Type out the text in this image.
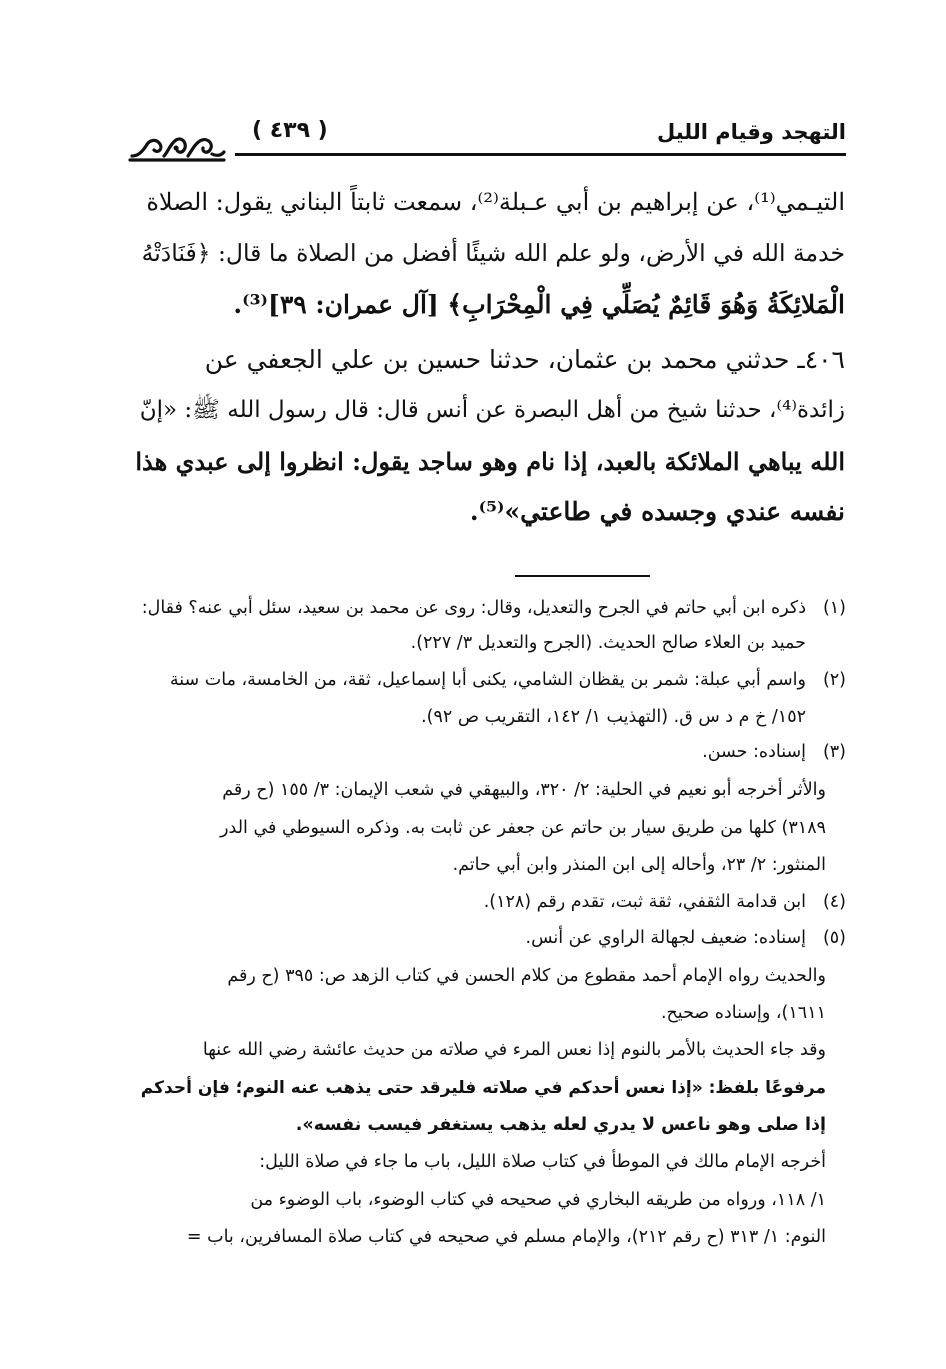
التهجد وقيام الليل
( ٤٣٩ )
التيـمي⁽¹⁾، عن إبراهيم بن أبي عـبلة⁽²⁾، سمعت ثابتاً البناني يقول: الصلاة
خدمة الله في الأرض، ولو علم الله شيئًا أفضل من الصلاة ما قال: ﴿فَنَادَتْهُ
الْمَلائِكَةُ وَهُوَ قَائِمٌ يُصَلِّي فِي الْمِحْرَابِ﴾ [آل عمران: ٣٩]⁽³⁾.
٤٠٦ـ حدثني محمد بن عثمان، حدثنا حسين بن علي الجعفي عن
زائدة⁽⁴⁾، حدثنا شيخ من أهل البصرة عن أنس قال: قال رسول الله ﷺ: «إنّ
الله يباهي الملائكة بالعبد، إذا نام وهو ساجد يقول: انظروا إلى عبدي هذا
نفسه عندي وجسده في طاعتي»⁽⁵⁾.
(١)
ذكره ابن أبي حاتم في الجرح والتعديل، وقال: روى عن محمد بن سعيد، سئل أبي عنه؟ فقال:
حميد بن العلاء صالح الحديث. (الجرح والتعديل ٣/ ٢٢٧).
(٢)
واسم أبي عبلة: شمر بن يقظان الشامي، يكنى أبا إسماعيل، ثقة، من الخامسة، مات سنة
١٥٢/ خ م د س ق. (التهذيب ١/ ١٤٢، التقريب ص ٩٢).
(٣)
إسناده: حسن.
والأثر أخرجه أبو نعيم في الحلية: ٢/ ٣٢٠، والبيهقي في شعب الإيمان: ٣/ ١٥٥ (ح رقم
٣١٨٩) كلها من طريق سيار بن حاتم عن جعفر عن ثابت به. وذكره السيوطي في الدر
المنثور: ٢/ ٢٣، وأحاله إلى ابن المنذر وابن أبي حاتم.
(٤)
ابن قدامة الثقفي، ثقة ثبت، تقدم رقم (١٢٨).
(٥)
إسناده: ضعيف لجهالة الراوي عن أنس.
والحديث رواه الإمام أحمد مقطوع من كلام الحسن في كتاب الزهد ص: ٣٩٥ (ح رقم
١٦١١)، وإسناده صحيح.
وقد جاء الحديث بالأمر بالنوم إذا نعس المرء في صلاته من حديث عائشة رضي الله عنها
مرفوعًا بلفظ: «إذا نعس أحدكم في صلاته فليرقد حتى يذهب عنه النوم؛ فإن أحدكم
إذا صلى وهو ناعس لا يدري لعله يذهب يستغفر فيسب نفسه».
أخرجه الإمام مالك في الموطأ في كتاب صلاة الليل، باب ما جاء في صلاة الليل:
١/ ١١٨، ورواه من طريقه البخاري في صحيحه في كتاب الوضوء، باب الوضوء من
النوم: ١/ ٣١٣ (ح رقم ٢١٢)، والإمام مسلم في صحيحه في كتاب صلاة المسافرين، باب =
